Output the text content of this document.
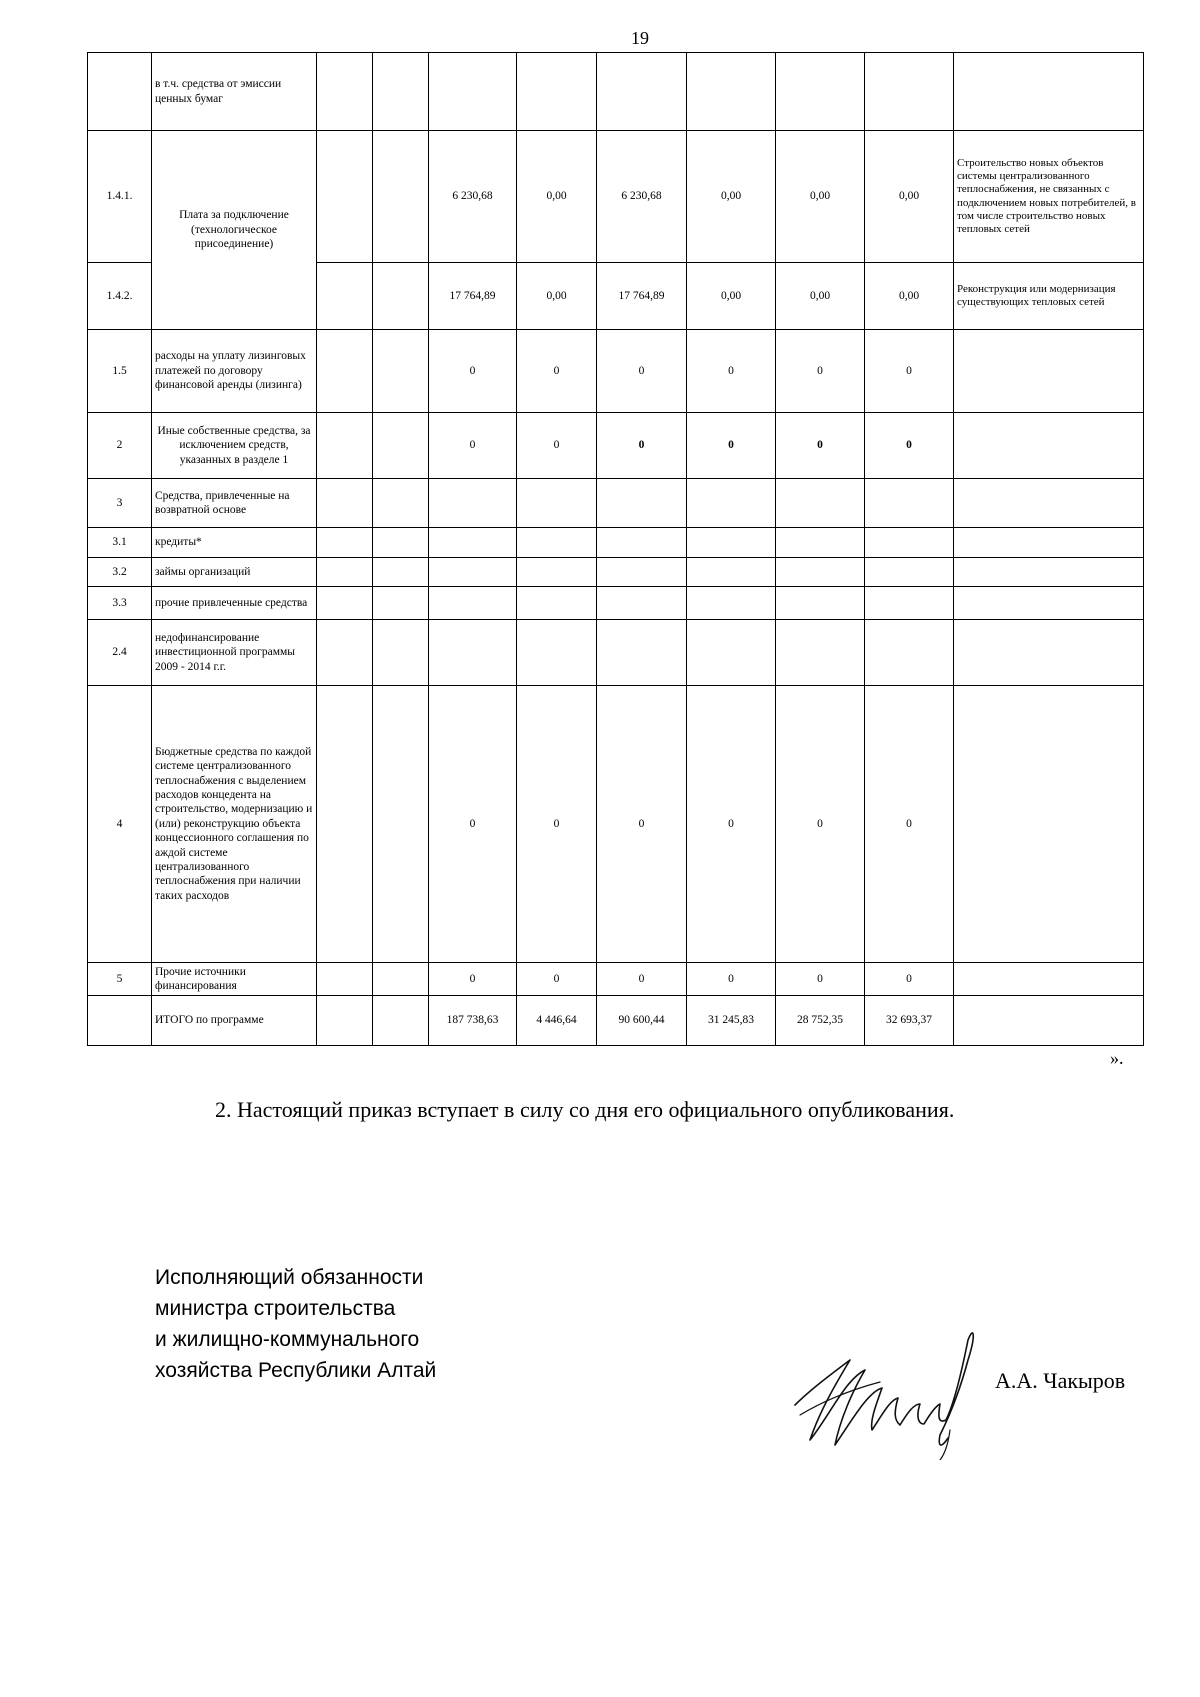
19
	в т.ч. средства от эмиссии ценных бумаг									
1.4.1.	Плата за подключение (технологическое присоединение)			6 230,68	0,00	6 230,68	0,00	0,00	0,00	Строительство новых объектов системы централизованного теплоснабжения, не связанных с подключением новых потребителей, в том числе строительство новых тепловых сетей
1.4.2.				17 764,89	0,00	17 764,89	0,00	0,00	0,00	Реконструкция или модернизация существующих тепловых сетей
1.5	расходы на уплату лизинговых платежей по договору финансовой аренды (лизинга)			0	0	0	0	0	0	
2	Иные собственные средства, за исключением средств, указанных в разделе 1			0	0	0	0	0	0	
3	Средства, привлеченные на возвратной основе									
3.1	кредиты*									
3.2	займы организаций									
3.3	прочие привлеченные средства									
2.4	недофинансирование инвестиционной программы 2009 - 2014 г.г.									
4	Бюджетные средства по каждой системе централизованного теплоснабжения с выделением расходов концедента на строительство, модернизацию и (или) реконструкцию объекта концессионного соглашения по аждой системе централизованного теплоснабжения при наличии таких расходов			0	0	0	0	0	0	
5	Прочие источники финансирования			0	0	0	0	0	0	
	ИТОГО по программе			187 738,63	4 446,64	90 600,44	31 245,83	28 752,35	32 693,37	
».
2. Настоящий приказ вступает в силу со дня его официального опубликования.
Исполняющий обязанности
министра строительства
и жилищно-коммунального
хозяйства Республики Алтай	А.А. Чакыров
